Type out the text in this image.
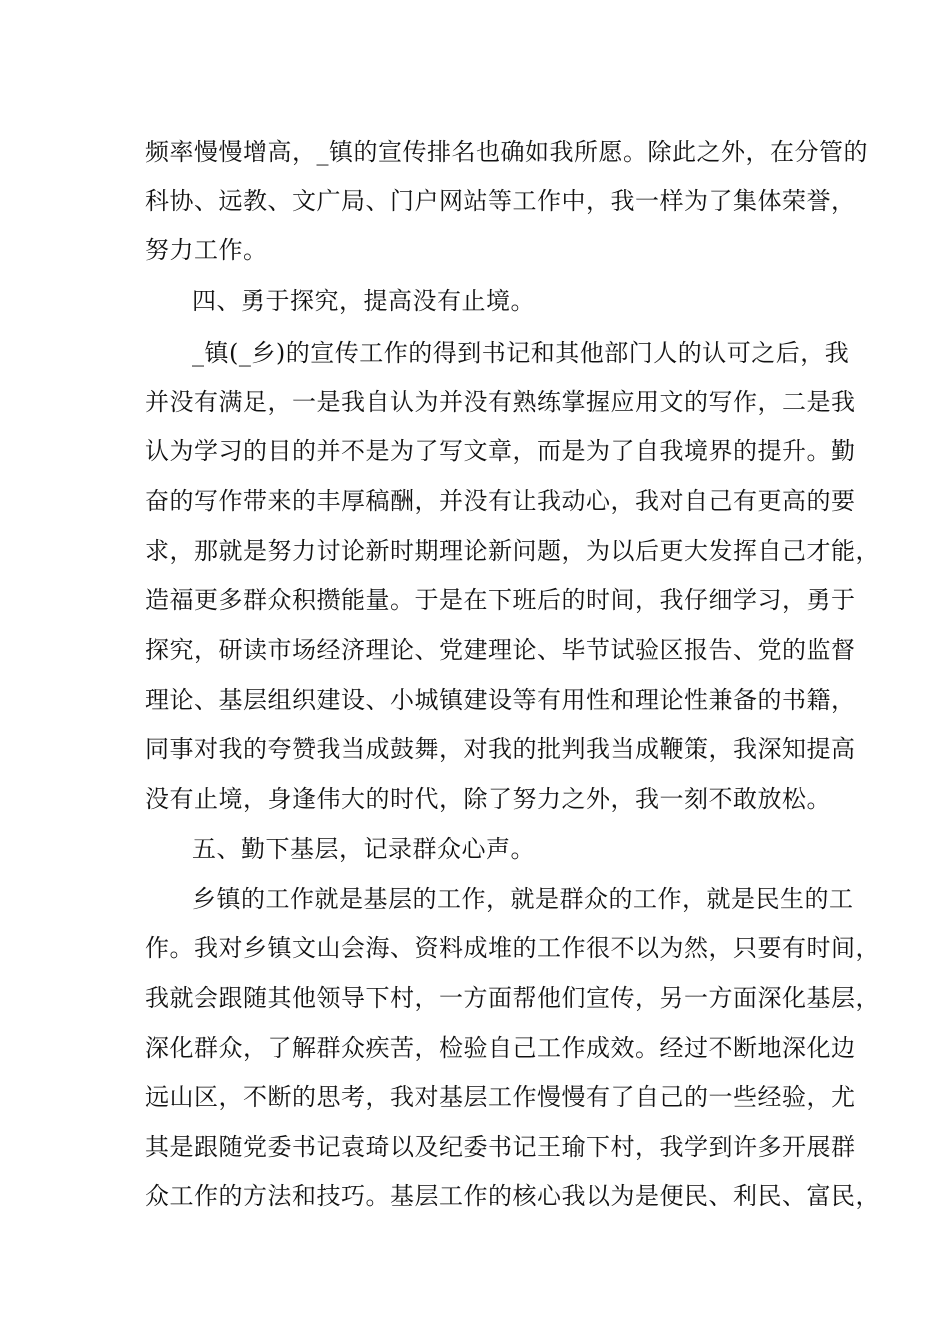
频率慢慢增高，_镇的宣传排名也确如我所愿。除此之外，在分管的
科协、远教、文广局、门户网站等工作中，我一样为了集体荣誉，
努力工作。
四、勇于探究，提高没有止境。
_镇(_乡)的宣传工作的得到书记和其他部门人的认可之后，我
并没有满足，一是我自认为并没有熟练掌握应用文的写作，二是我
认为学习的目的并不是为了写文章，而是为了自我境界的提升。勤
奋的写作带来的丰厚稿酬，并没有让我动心，我对自己有更高的要
求，那就是努力讨论新时期理论新问题，为以后更大发挥自己才能，
造福更多群众积攒能量。于是在下班后的时间，我仔细学习，勇于
探究，研读市场经济理论、党建理论、毕节试验区报告、党的监督
理论、基层组织建设、小城镇建设等有用性和理论性兼备的书籍，
同事对我的夸赞我当成鼓舞，对我的批判我当成鞭策，我深知提高
没有止境，身逢伟大的时代，除了努力之外，我一刻不敢放松。
五、勤下基层，记录群众心声。
乡镇的工作就是基层的工作，就是群众的工作，就是民生的工
作。我对乡镇文山会海、资料成堆的工作很不以为然，只要有时间，
我就会跟随其他领导下村，一方面帮他们宣传，另一方面深化基层，
深化群众，了解群众疾苦，检验自己工作成效。经过不断地深化边
远山区，不断的思考，我对基层工作慢慢有了自己的一些经验，尤
其是跟随党委书记袁琦以及纪委书记王瑜下村，我学到许多开展群
众工作的方法和技巧。基层工作的核心我以为是便民、利民、富民，
